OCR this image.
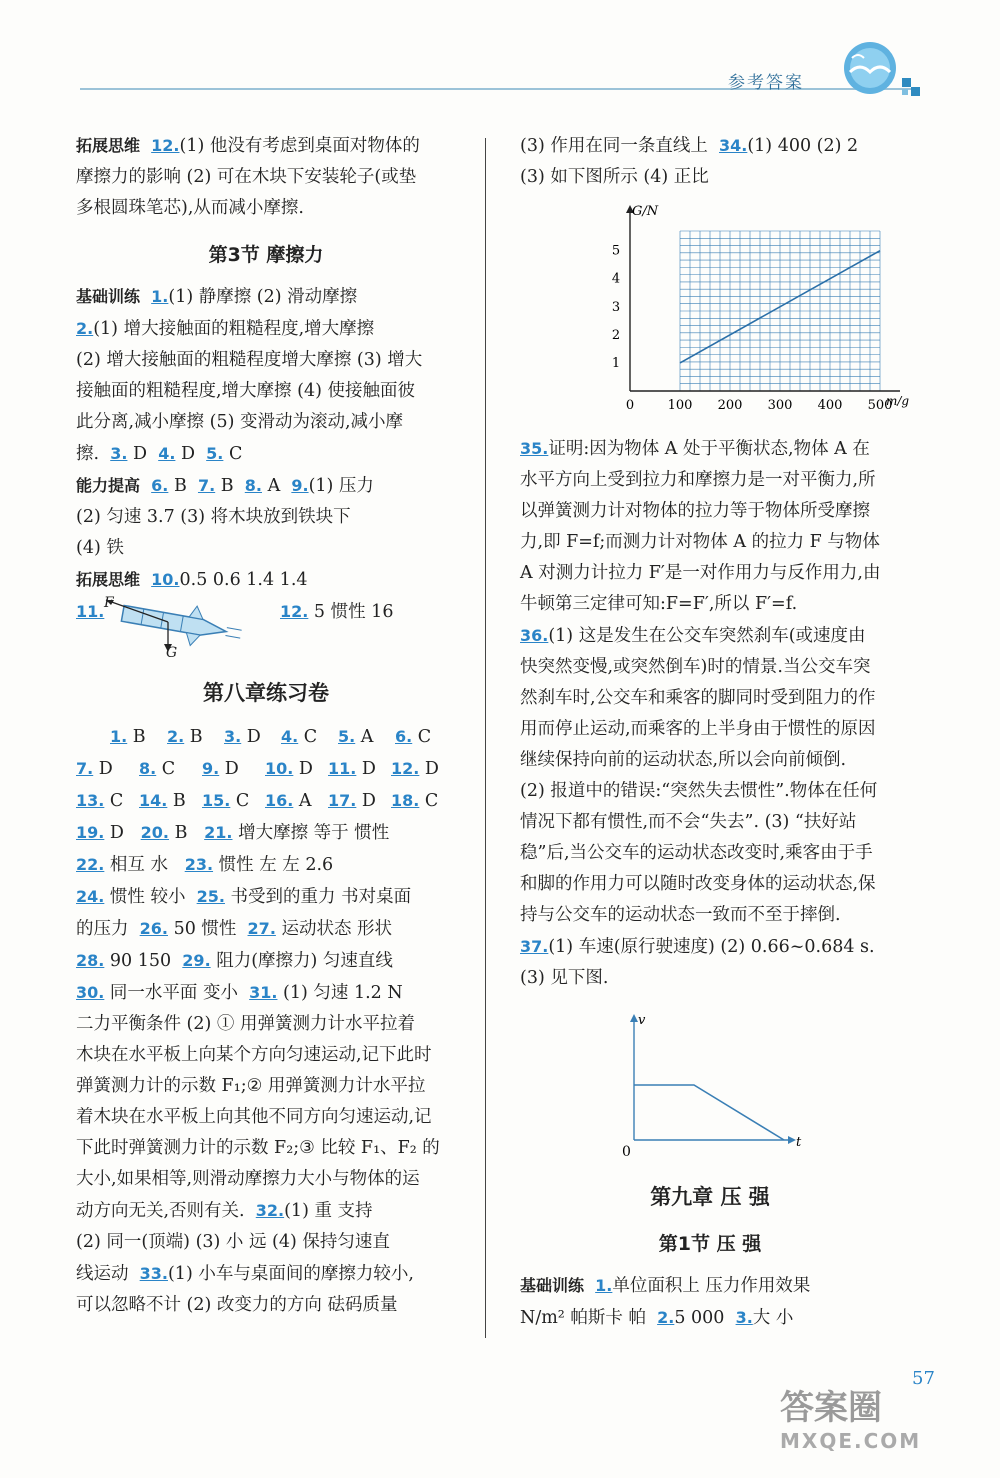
参考答案

拓展思维 12.(1) 他没有考虑到桌面对物体的

摩擦力的影响 (2) 可在木块下安装轮子(或垫

多根圆珠笔芯),从而减小摩擦.

第3节 摩擦力

基础训练 1.(1) 静摩擦 (2) 滑动摩擦

2.(1) 增大接触面的粗糙程度,增大摩擦

(2) 增大接触面的粗糙程度增大摩擦 (3) 增大

接触面的粗糙程度,增大摩擦 (4) 使接触面彼

此分离,减小摩擦 (5) 变滑动为滚动,减小摩

擦. 3. D 4. D 5. C

能力提高 6. B 7. B 8. A 9.(1) 压力

(2) 匀速 3.7 (3) 将木块放到铁块下

(4) 铁

拓展思维 10.0.5 0.6 1.4 1.4

11. F
G
12. 5 惯性 16

第八章练习卷

1. B 2. B 3. D 4. C 5. A 6. C

7. D 8. C 9. D 10. D 11. D 12. D

13. C 14. B 15. C 16. A 17. D 18. C

19. D 20. B 21. 增大摩擦 等于 惯性

22. 相互 水 23. 惯性 左 左 2.6

24. 惯性 较小 25. 书受到的重力 书对桌面

的压力 26. 50 惯性 27. 运动状态 形状

28. 90 150 29. 阻力(摩擦力) 匀速直线

30. 同一水平面 变小 31. (1) 匀速 1.2 N

二力平衡条件 (2) ① 用弹簧测力计水平拉着

木块在水平板上向某个方向匀速运动,记下此时

弹簧测力计的示数 F₁;② 用弹簧测力计水平拉

着木块在水平板上向其他不同方向匀速运动,记

下此时弹簧测力计的示数 F₂;③ 比较 F₁、F₂ 的

大小,如果相等,则滑动摩擦力大小与物体的运

动方向无关,否则有关. 32.(1) 重 支持

(2) 同一(顶端) (3) 小 远 (4) 保持匀速直

线运动 33.(1) 小车与桌面间的摩擦力较小,

可以忽略不计 (2) 改变力的方向 砝码质量

(3) 作用在同一条直线上 34.(1) 400 (2) 2

(3) 如下图所示 (4) 正比

0	100 200 300 400 500
1
2
3
4
5
G/N
m/g

35.证明:因为物体 A 处于平衡状态,物体 A 在

水平方向上受到拉力和摩擦力是一对平衡力,所

以弹簧测力计对物体的拉力等于物体所受摩擦

力,即 F=f;而测力计对物体 A 的拉力 F 与物体

A 对测力计拉力 F′是一对作用力与反作用力,由

牛顿第三定律可知:F=F′,所以 F′=f.

36.(1) 这是发生在公交车突然刹车(或速度由

快突然变慢,或突然倒车)时的情景.当公交车突

然刹车时,公交车和乘客的脚同时受到阻力的作

用而停止运动,而乘客的上半身由于惯性的原因

继续保持向前的运动状态,所以会向前倾倒.

(2) 报道中的错误:“突然失去惯性”.物体在任何

情况下都有惯性,而不会“失去”. (3) “扶好站

稳”后,当公交车的运动状态改变时,乘客由于手

和脚的作用力可以随时改变身体的运动状态,保

持与公交车的运动状态一致而不至于摔倒.

37.(1) 车速(原行驶速度) (2) 0.66~0.684 s.

(3) 见下图.

0
v
t

第九章 压 强

第1节 压 强

基础训练 1.单位面积上 压力作用效果

N/m² 帕斯卡 帕 2.5 000 3.大 小

57
答案圈
MXQE.COM
